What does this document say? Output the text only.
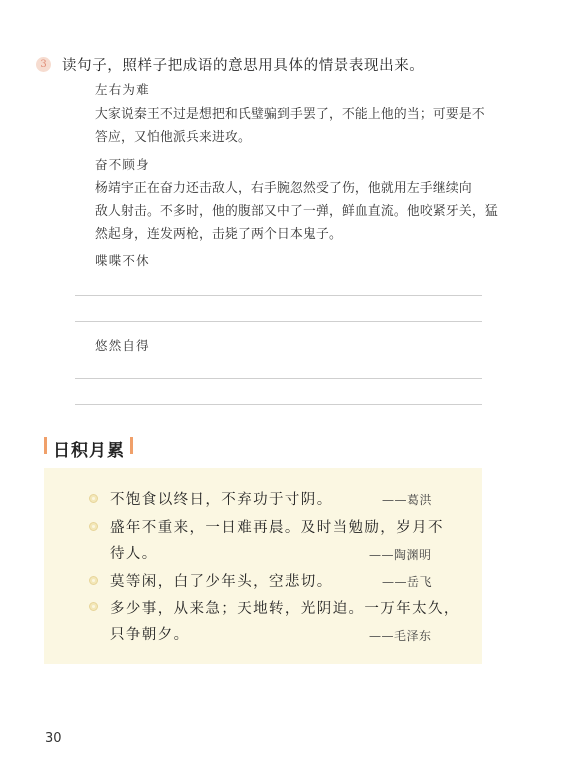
3 读句子，照样子把成语的意思用具体的情景表现出来。
左右为难
大家说秦王不过是想把和氏璧骗到手罢了，不能上他的当；可要是不
答应，又怕他派兵来进攻。
奋不顾身
杨靖宇正在奋力还击敌人，右手腕忽然受了伤，他就用左手继续向
敌人射击。不多时，他的腹部又中了一弹，鲜血直流。他咬紧牙关，猛
然起身，连发两枪，击毙了两个日本鬼子。
喋喋不休
悠然自得
日积月累
不饱食以终日，不弃功于寸阴。	——葛洪
盛年不重来，一日难再晨。及时当勉励，岁月不
待人。	——陶渊明
莫等闲，白了少年头，空悲切。	——岳飞
多少事，从来急；天地转，光阴迫。一万年太久，
只争朝夕。	——毛泽东
30
